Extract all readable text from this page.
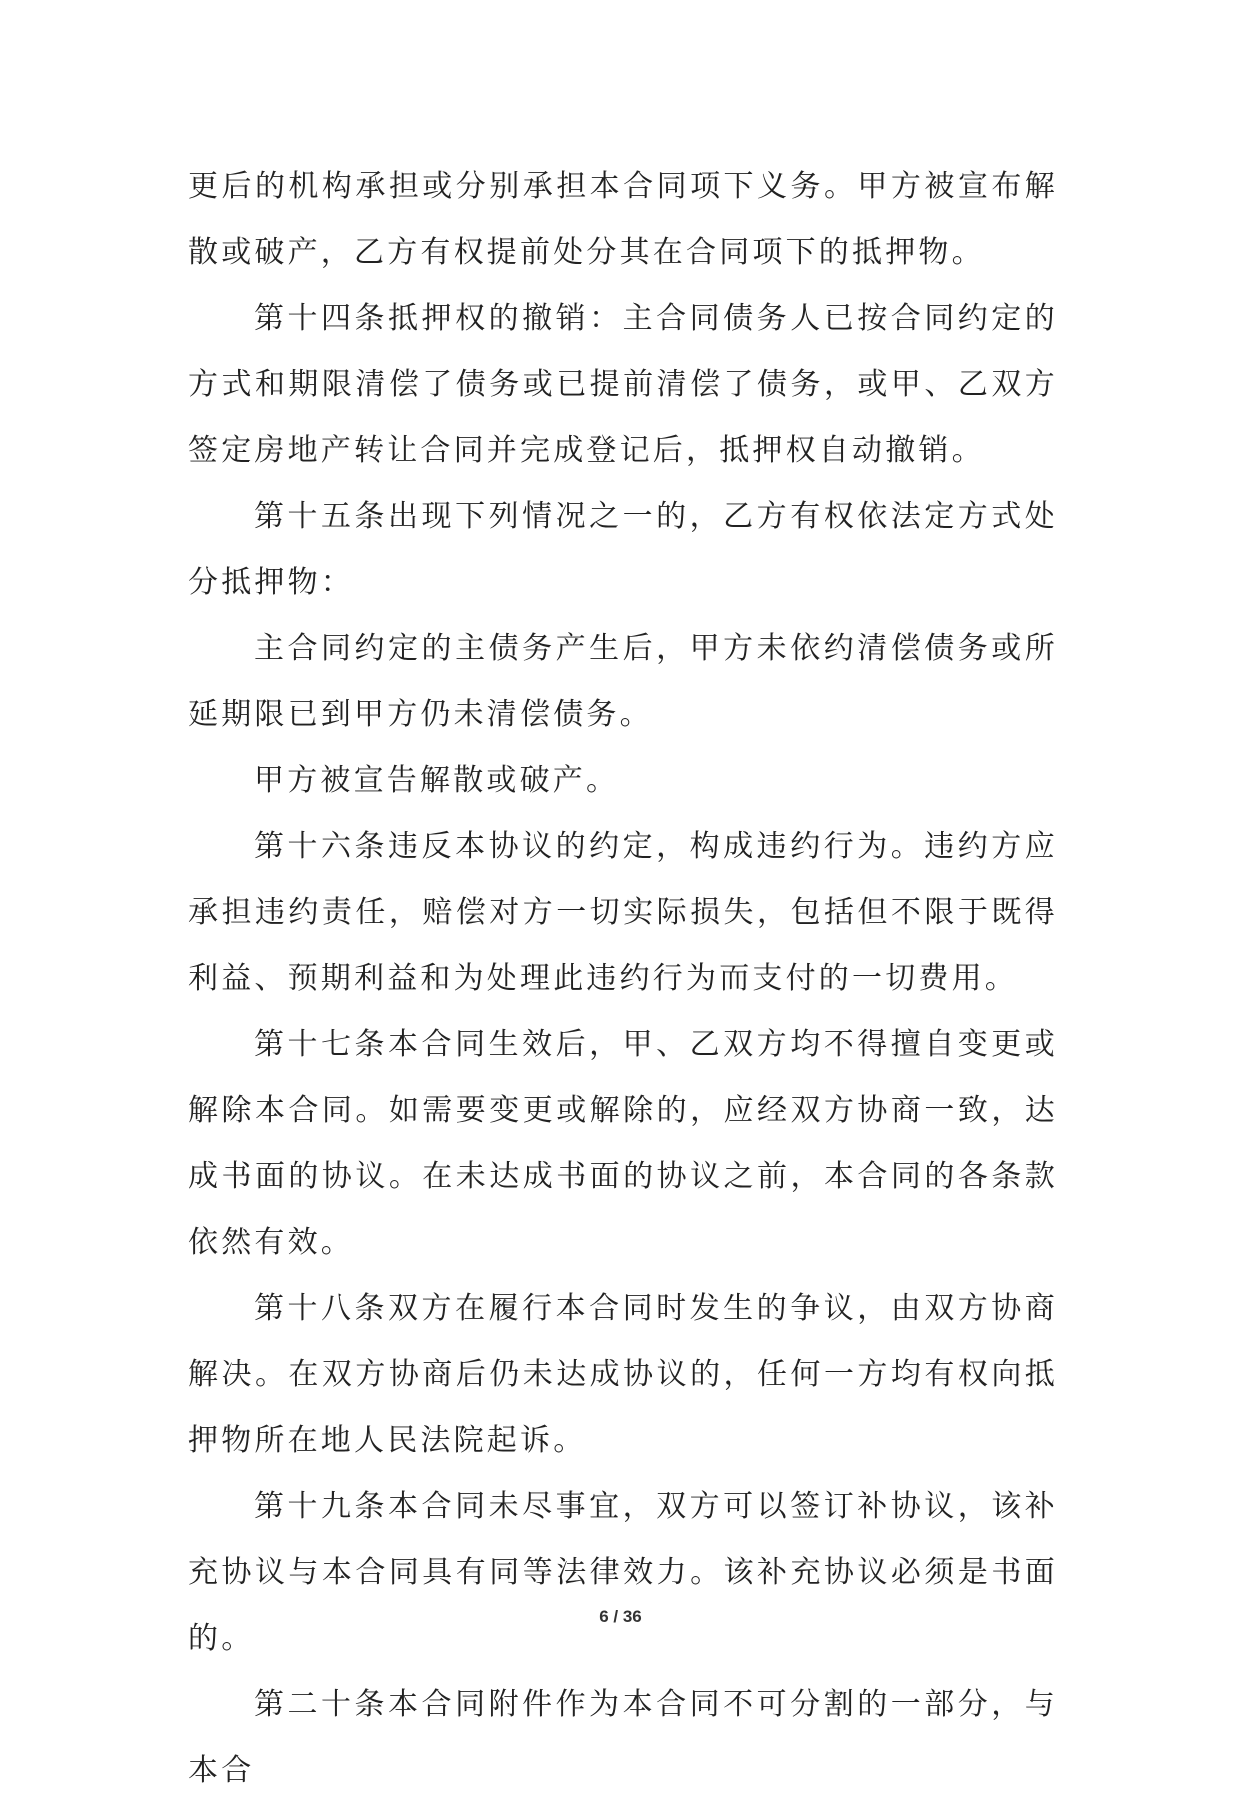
更后的机构承担或分别承担本合同项下义务。甲方被宣布解散或破产，乙方有权提前处分其在合同项下的抵押物。

第十四条抵押权的撤销：主合同债务人已按合同约定的方式和期限清偿了债务或已提前清偿了债务，或甲、乙双方签定房地产转让合同并完成登记后，抵押权自动撤销。

第十五条出现下列情况之一的，乙方有权依法定方式处分抵押物：

主合同约定的主债务产生后，甲方未依约清偿债务或所延期限已到甲方仍未清偿债务。

甲方被宣告解散或破产。

第十六条违反本协议的约定，构成违约行为。违约方应承担违约责任，赔偿对方一切实际损失，包括但不限于既得利益、预期利益和为处理此违约行为而支付的一切费用。

第十七条本合同生效后，甲、乙双方均不得擅自变更或解除本合同。如需要变更或解除的，应经双方协商一致，达成书面的协议。在未达成书面的协议之前，本合同的各条款依然有效。

第十八条双方在履行本合同时发生的争议，由双方协商解决。在双方协商后仍未达成协议的，任何一方均有权向抵押物所在地人民法院起诉。

第十九条本合同未尽事宜，双方可以签订补协议，该补充协议与本合同具有同等法律效力。该补充协议必须是书面的。

第二十条本合同附件作为本合同不可分割的一部分，与本合

6 / 36
